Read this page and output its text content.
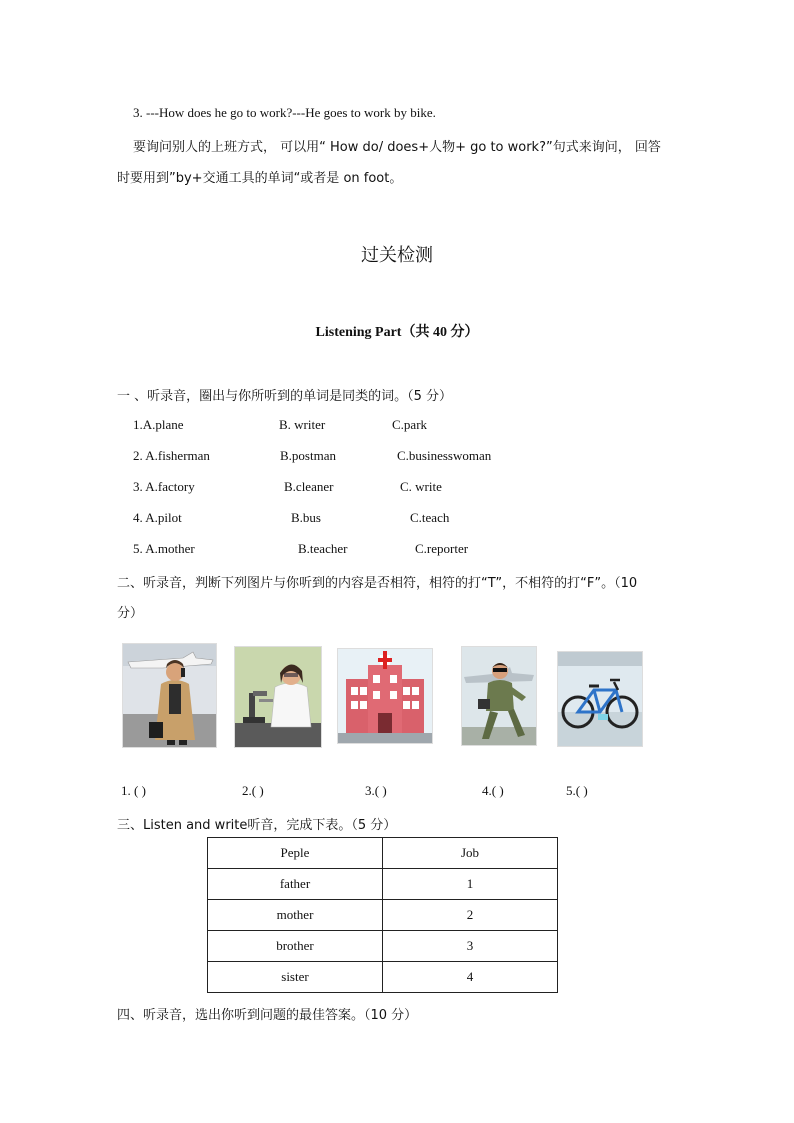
3. ---How does he go to work?---He goes to work by bike.
要询问别人的上班方式， 可以用“ How do/ does+人物+ go to work?”句式来询问， 回答
时要用到”by+交通工具的单词“或者是 on foot。
过关检测
Listening Part（共 40 分）
一 、听录音，圈出与你所听到的单词是同类的词。（5 分）
1.A.plane	B. writer	C.park
2. A.fisherman	B.postman	C.businesswoman
3. A.factory	B.cleaner	C. write
4. A.pilot	B.bus	C.teach
5. A.mother	B.teacher	C.reporter
二、听录音，判断下列图片与你听到的内容是否相符，相符的打“T”，不相符的打“F”。（10
分）
1. ( )	2.( )	3.( )	4.( )	5.( )
三、Listen and write听音，完成下表。（5 分）
Peple	Job
father	1
mother	2
brother	3
sister	4
四、听录音，选出你听到问题的最佳答案。（10 分）
